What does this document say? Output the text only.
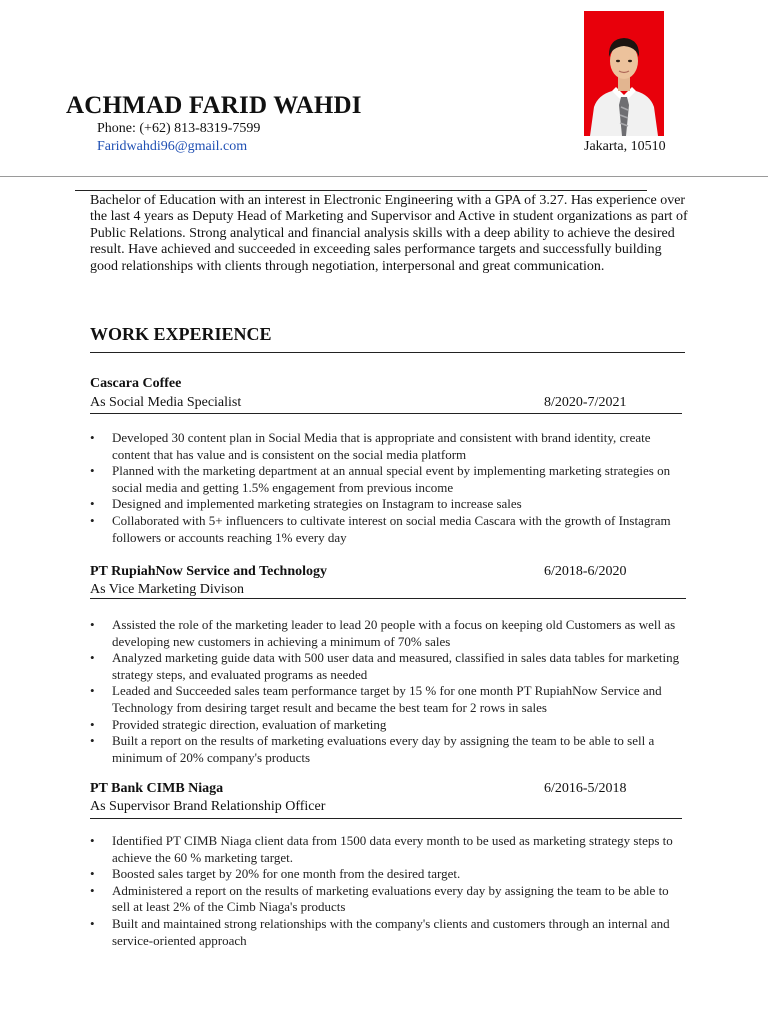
ACHMAD FARID WAHDI
Phone: (+62) 813-8319-7599
Faridwahdi96@gmail.com	Jakarta, 10510
Bachelor of Education with an interest in Electronic Engineering with a GPA of 3.27. Has experience over the last 4 years as Deputy Head of Marketing and Supervisor and Active in student organizations as part of Public Relations. Strong analytical and financial analysis skills with a deep ability to achieve the desired result. Have achieved and succeeded in exceeding sales performance targets and successfully building good relationships with clients through negotiation, interpersonal and great communication.
WORK EXPERIENCE
Cascara Coffee
As Social Media Specialist	8/2020-7/2021
• Developed 30 content plan in Social Media that is appropriate and consistent with brand identity, create content that has value and is consistent on the social media platform
• Planned with the marketing department at an annual special event by implementing marketing strategies on social media and getting 1.5% engagement from previous income
• Designed and implemented marketing strategies on Instagram to increase sales
• Collaborated with 5+ influencers to cultivate interest on social media Cascara with the growth of Instagram followers or accounts reaching 1% every day
PT RupiahNow Service and Technology
As Vice Marketing Divison
6/2018-6/2020
• Assisted the role of the marketing leader to lead 20 people with a focus on keeping old Customers as well as developing new customers in achieving a minimum of 70% sales
• Analyzed marketing guide data with 500 user data and measured, classified in sales data tables for marketing strategy steps, and evaluated programs as needed
• Leaded and Succeeded sales team performance target by 15 % for one month PT RupiahNow Service and Technology from desiring target result and became the best team for 2 rows in sales
• Provided strategic direction, evaluation of marketing
• Built a report on the results of marketing evaluations every day by assigning the team to be able to sell a minimum of 20% company's products
PT Bank CIMB Niaga
As Supervisor Brand Relationship Officer
6/2016-5/2018
• Identified PT CIMB Niaga client data from 1500 data every month to be used as marketing strategy steps to achieve the 60 % marketing target.
• Boosted sales target by 20% for one month from the desired target.
• Administered a report on the results of marketing evaluations every day by assigning the team to be able to sell at least 2% of the Cimb Niaga's products
• Built and maintained strong relationships with the company's clients and customers through an internal and service-oriented approach
